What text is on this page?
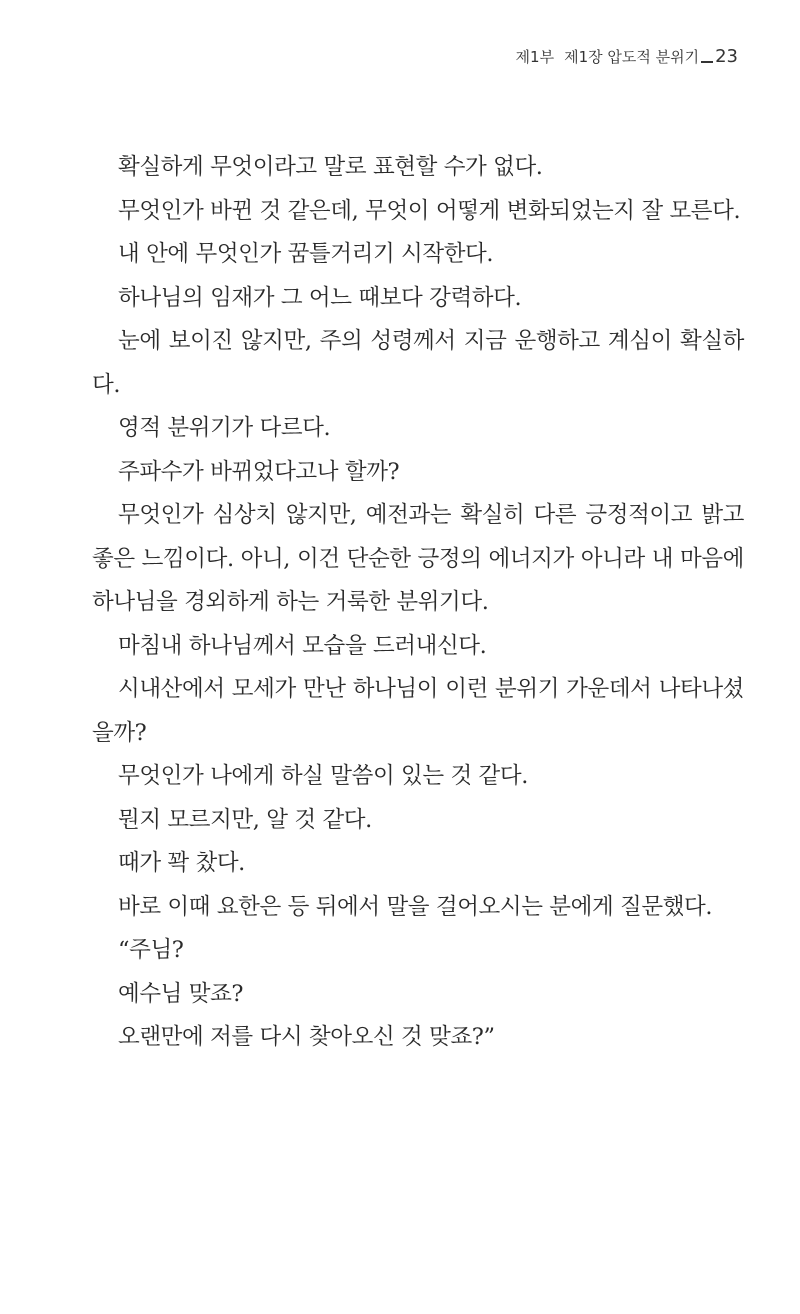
제1부 제1장 압도적 분위기 23

확실하게 무엇이라고 말로 표현할 수가 없다.

무엇인가 바뀐 것 같은데, 무엇이 어떻게 변화되었는지 잘 모른다.

내 안에 무엇인가 꿈틀거리기 시작한다.

하나님의 임재가 그 어느 때보다 강력하다.

눈에 보이진 않지만, 주의 성령께서 지금 운행하고 계심이 확실하다.

영적 분위기가 다르다.

주파수가 바뀌었다고나 할까?

무엇인가 심상치 않지만, 예전과는 확실히 다른 긍정적이고 밝고 좋은 느낌이다. 아니, 이건 단순한 긍정의 에너지가 아니라 내 마음에 하나님을 경외하게 하는 거룩한 분위기다.

마침내 하나님께서 모습을 드러내신다.

시내산에서 모세가 만난 하나님이 이런 분위기 가운데서 나타나셨을까?

무엇인가 나에게 하실 말씀이 있는 것 같다.

뭔지 모르지만, 알 것 같다.

때가 꽉 찼다.

바로 이때 요한은 등 뒤에서 말을 걸어오시는 분에게 질문했다.

“주님?

예수님 맞죠?

오랜만에 저를 다시 찾아오신 것 맞죠?”
